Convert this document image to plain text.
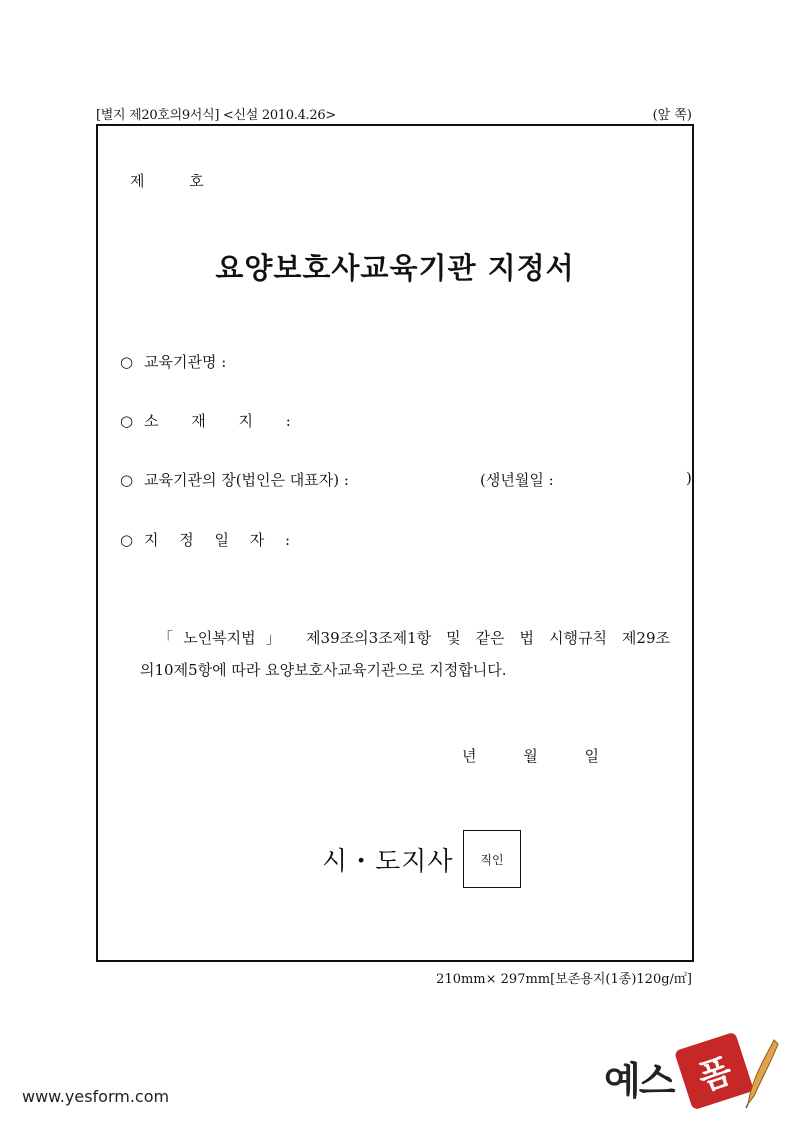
[별지 제20호의9서식] <신설 2010.4.26>	(앞 쪽)
제 호
요양보호사교육기관 지정서
○ 교육기관명 :
○ 소 재 지 :
○ 교육기관의 장(법인은 대표자) :	(생년월일 :	)
○ 지 정 일 자 :
「노인복지법」 제39조의3조제1항 및 같은 법 시행규칙 제29조
의10제5항에 따라 요양보호사교육기관으로 지정합니다.
년 월 일
시・도지사 직인
210mm× 297mm[보존용지(1종)120g/㎡]
www.yesform.com	예스 폼
